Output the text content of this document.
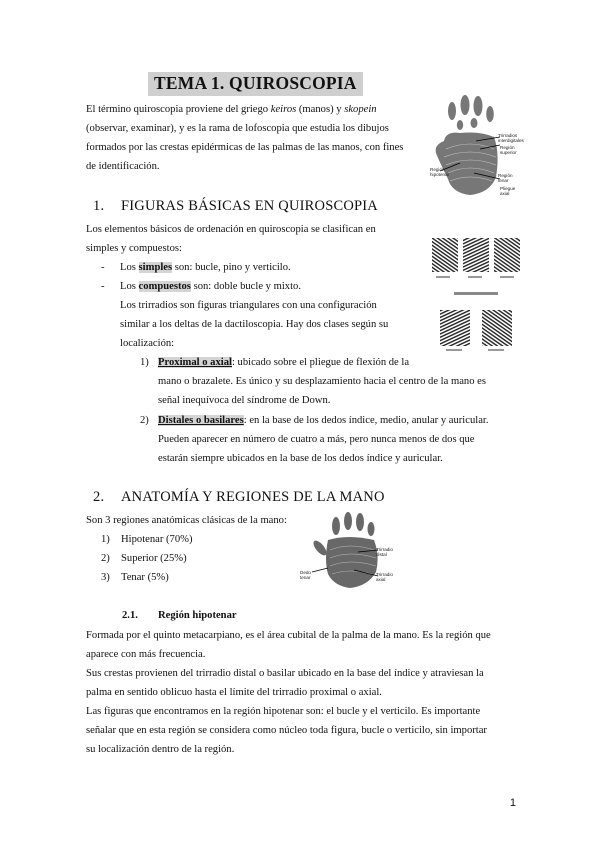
TEMA 1. QUIROSCOPIA
El término quiroscopia proviene del griego keiros (manos) y skopein
(observar, examinar), y es la rama de lofoscopia que estudia los dibujos
formados por las crestas epidérmicas de las palmas de las manos, con fines
de identificación.
Trirradios
interdigitales
Región
superior
Región
hipotenar	Región
tenar
Pliegue
axial
1. FIGURAS BÁSICAS EN QUIROSCOPIA
Los elementos básicos de ordenación en quiroscopia se clasifican en
simples y compuestos:
- Los simples son: bucle, pino y verticilo.
- Los compuestos son: doble bucle y mixto.
Los trirradios son figuras triangulares con una configuración
similar a los deltas de la dactiloscopia. Hay dos clases según su
localización:
1) Proximal o axial: ubicado sobre el pliegue de flexión de la
mano o brazalete. Es único y su desplazamiento hacia el centro de la mano es
señal inequívoca del síndrome de Down.
2) Distales o basilares: en la base de los dedos índice, medio, anular y auricular.
Pueden aparecer en número de cuatro a más, pero nunca menos de dos que
estarán siempre ubicados en la base de los dedos índice y auricular.
2. ANATOMÍA Y REGIONES DE LA MANO
Son 3 regiones anatómicas clásicas de la mano:
1) Hipotenar (70%)
2) Superior (25%)
3) Tenar (5%)
Trirradio
distal
Trirradio
axial
Dedo
tenar
2.1. Región hipotenar
Formada por el quinto metacarpiano, es el área cubital de la palma de la mano. Es la región que
aparece con más frecuencia.
Sus crestas provienen del trirradio distal o basilar ubicado en la base del índice y atraviesan la
palma en sentido oblicuo hasta el límite del trirradio proximal o axial.
Las figuras que encontramos en la región hipotenar son: el bucle y el verticilo. Es importante
señalar que en esta región se considera como núcleo toda figura, bucle o verticilo, sin importar
su localización dentro de la región.
1
